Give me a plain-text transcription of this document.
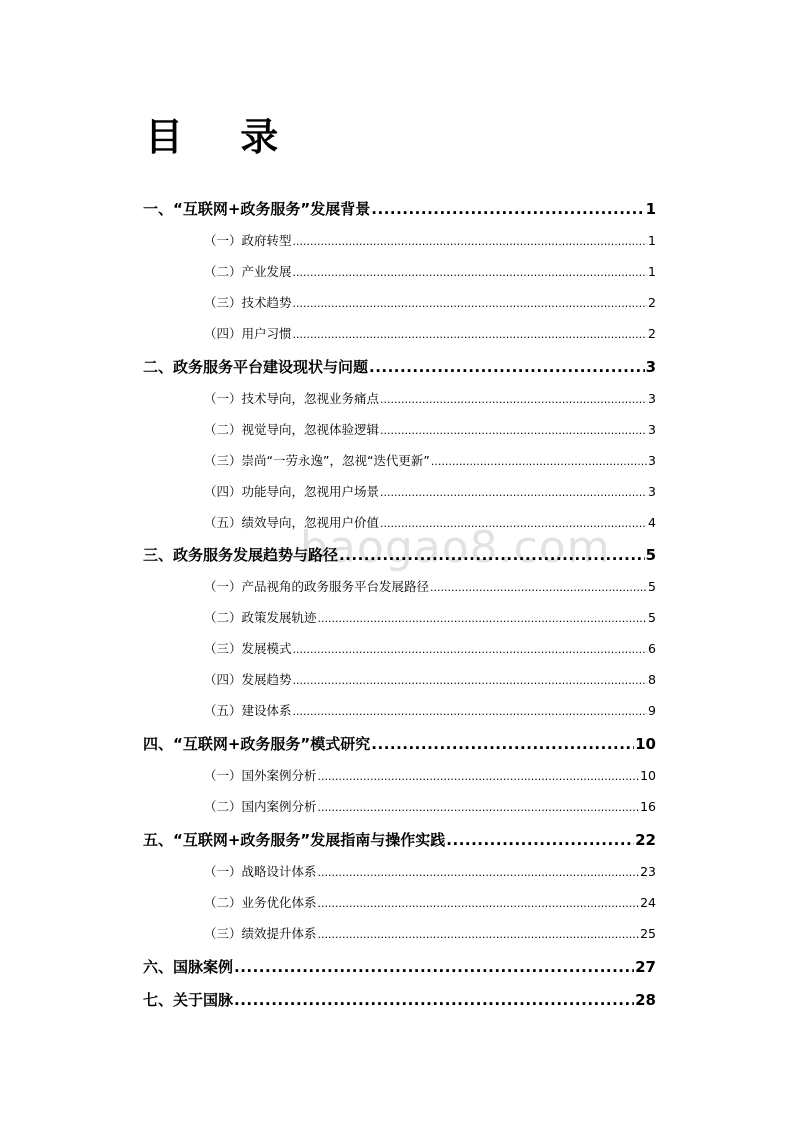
目 录
baogao8.com
一、“互联网+政务服务”发展背景 .....	1
（一）政府转型 .....	1
（二）产业发展 .....	1
（三）技术趋势 .....	2
（四）用户习惯 .....	2
二、政务服务平台建设现状与问题 .....	3
（一）技术导向，忽视业务痛点 .....	3
（二）视觉导向，忽视体验逻辑 .....	3
（三）崇尚“一劳永逸”，忽视“迭代更新” .....	3
（四）功能导向，忽视用户场景 .....	3
（五）绩效导向，忽视用户价值 .....	4
三、政务服务发展趋势与路径 .....	5
（一）产品视角的政务服务平台发展路径 .....	5
（二）政策发展轨迹 .....	5
（三）发展模式 .....	6
（四）发展趋势 .....	8
（五）建设体系 .....	9
四、“互联网+政务服务”模式研究 .....	10
（一）国外案例分析 .....	10
（二）国内案例分析 .....	16
五、“互联网+政务服务”发展指南与操作实践 .....	22
（一）战略设计体系 .....	23
（二）业务优化体系 .....	24
（三）绩效提升体系 .....	25
六、国脉案例 .....	27
七、关于国脉 .....	28
